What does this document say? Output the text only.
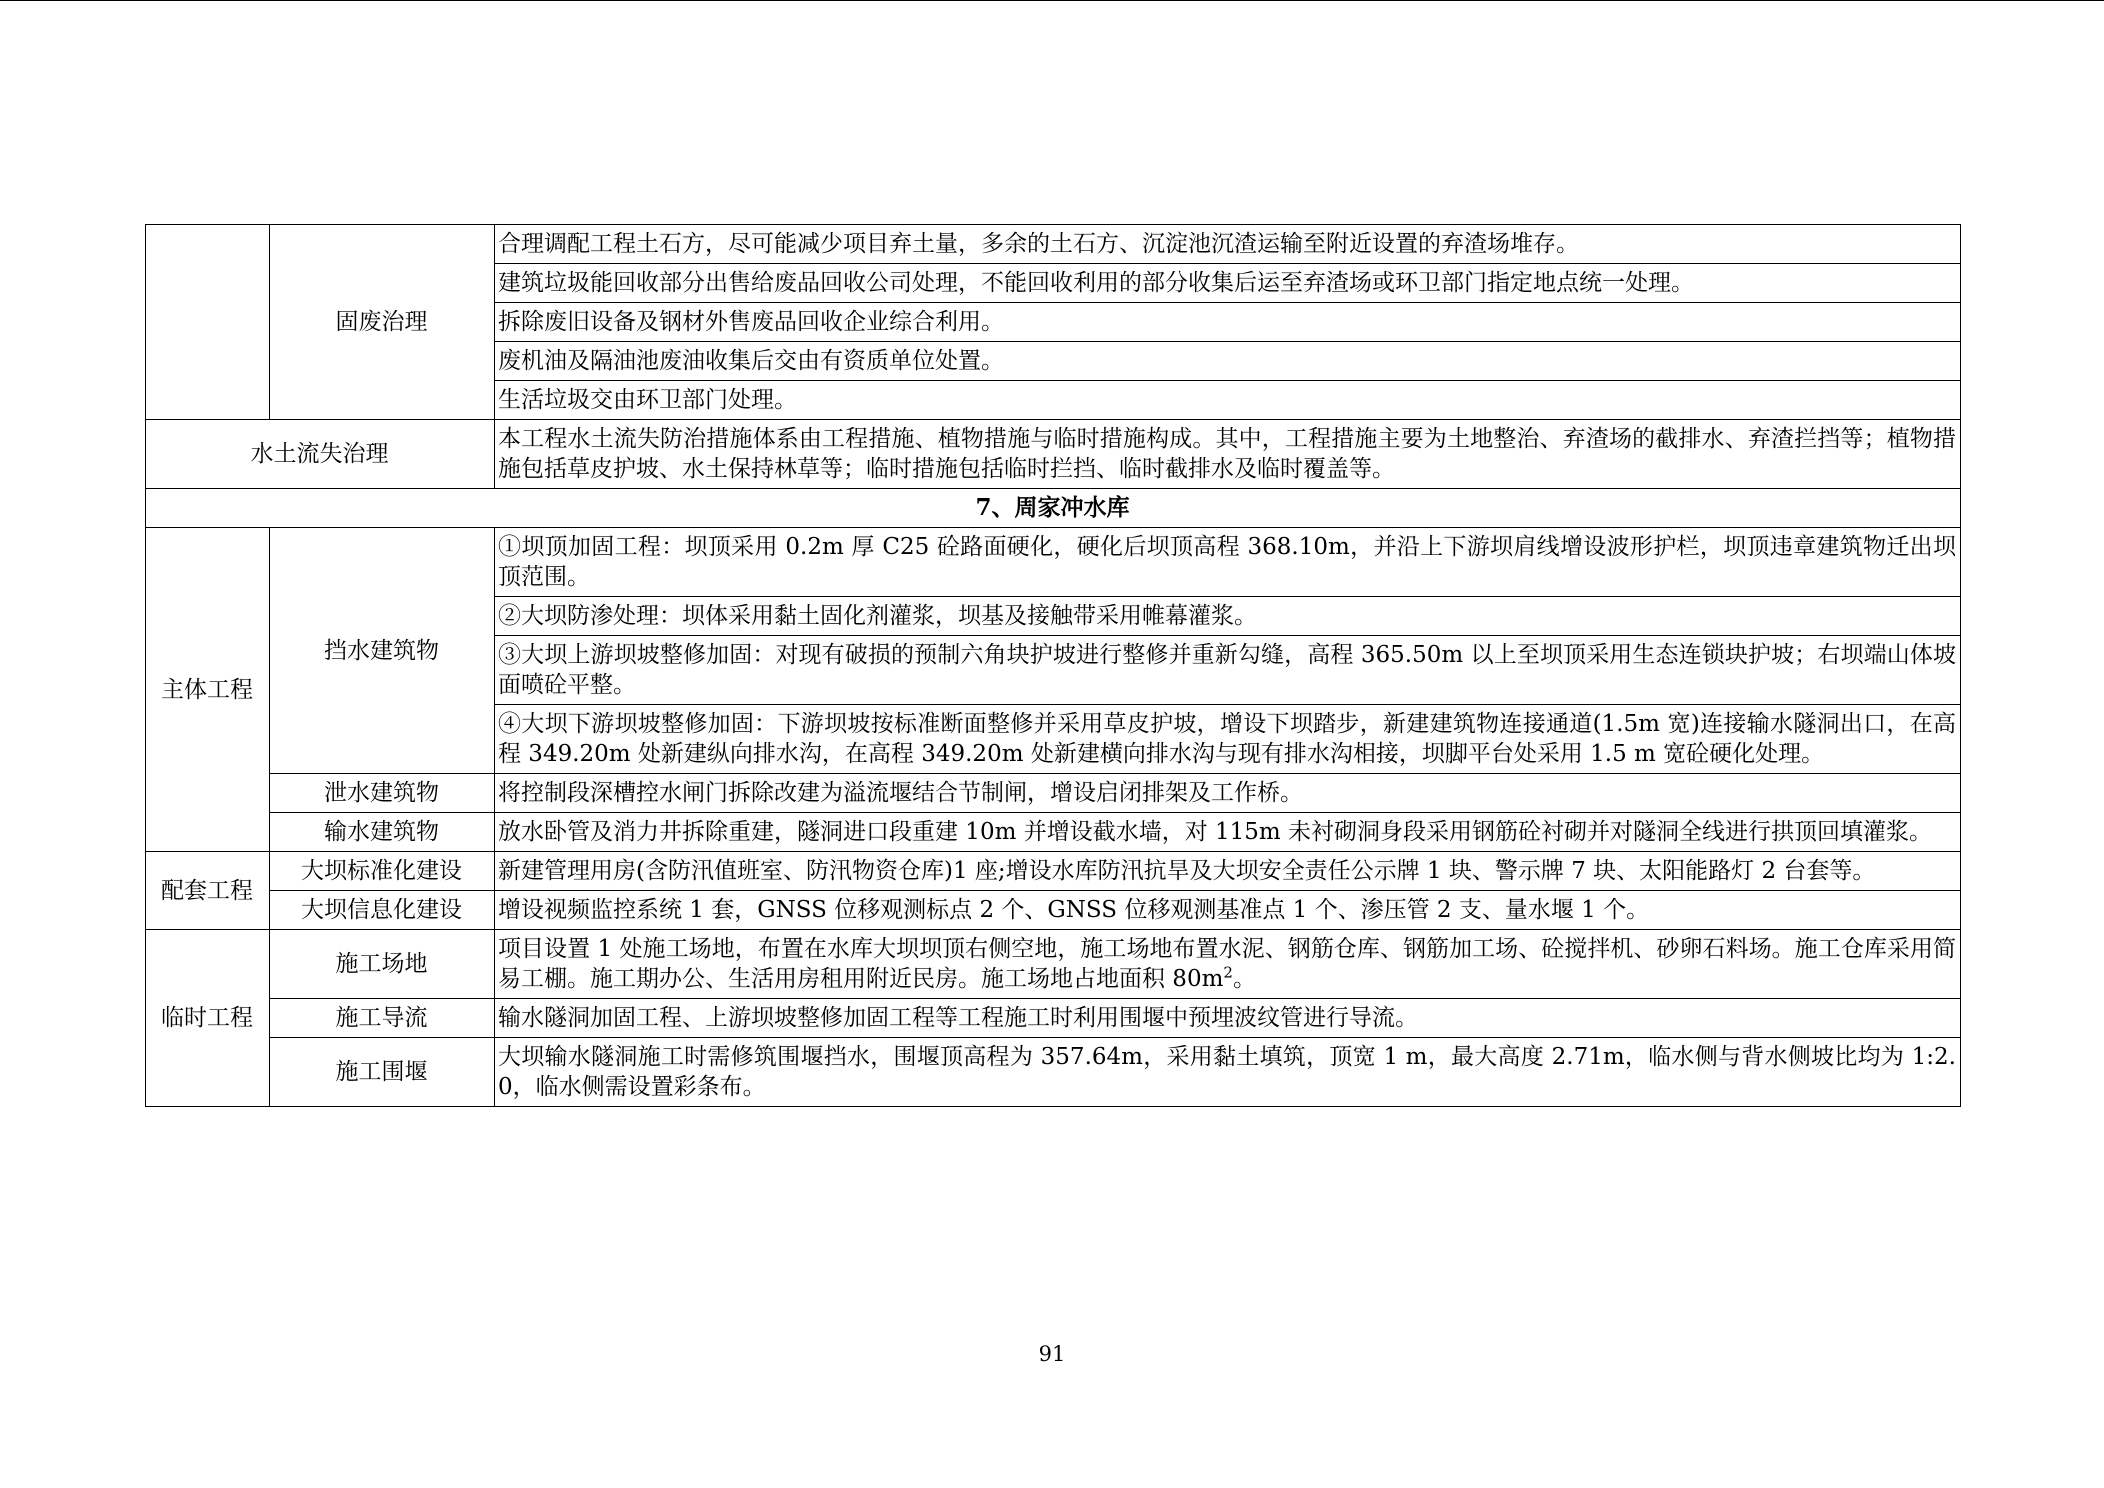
	固废治理	合理调配工程土石方，尽可能减少项目弃土量，多余的土石方、沉淀池沉渣运输至附近设置的弃渣场堆存。
		建筑垃圾能回收部分出售给废品回收公司处理，不能回收利用的部分收集后运至弃渣场或环卫部门指定地点统一处理。
		拆除废旧设备及钢材外售废品回收企业综合利用。
		废机油及隔油池废油收集后交由有资质单位处置。
		生活垃圾交由环卫部门处理。
水土流失治理		本工程水土流失防治措施体系由工程措施、植物措施与临时措施构成。其中，工程措施主要为土地整治、弃渣场的截排水、弃渣拦挡等；植物措施包括草皮护坡、水土保持林草等；临时措施包括临时拦挡、临时截排水及临时覆盖等。
7、周家冲水库		
主体工程	挡水建筑物	①坝顶加固工程：坝顶采用 0.2m 厚 C25 砼路面硬化，硬化后坝顶高程 368.10m，并沿上下游坝肩线增设波形护栏，坝顶违章建筑物迁出坝顶范围。
		②大坝防渗处理：坝体采用黏土固化剂灌浆，坝基及接触带采用帷幕灌浆。
		③大坝上游坝坡整修加固：对现有破损的预制六角块护坡进行整修并重新勾缝，高程 365.50m 以上至坝顶采用生态连锁块护坡；右坝端山体坡面喷砼平整。
		④大坝下游坝坡整修加固：下游坝坡按标准断面整修并采用草皮护坡，增设下坝踏步，新建建筑物连接通道(1.5m 宽)连接输水隧洞出口，在高程 349.20m 处新建纵向排水沟，在高程 349.20m 处新建横向排水沟与现有排水沟相接，坝脚平台处采用 1.5 m 宽砼硬化处理。
	泄水建筑物	将控制段深槽控水闸门拆除改建为溢流堰结合节制闸，增设启闭排架及工作桥。
	输水建筑物	放水卧管及消力井拆除重建，隧洞进口段重建 10m 并增设截水墙，对 115m 未衬砌洞身段采用钢筋砼衬砌并对隧洞全线进行拱顶回填灌浆。
配套工程	大坝标准化建设	新建管理用房(含防汛值班室、防汛物资仓库)1 座;增设水库防汛抗旱及大坝安全责任公示牌 1 块、警示牌 7 块、太阳能路灯 2 台套等。
	大坝信息化建设	增设视频监控系统 1 套，GNSS 位移观测标点 2 个、GNSS 位移观测基准点 1 个、渗压管 2 支、量水堰 1 个。
临时工程	施工场地	项目设置 1 处施工场地，布置在水库大坝坝顶右侧空地，施工场地布置水泥、钢筋仓库、钢筋加工场、砼搅拌机、砂卵石料场。施工仓库采用简易工棚。施工期办公、生活用房租用附近民房。施工场地占地面积 $80m^2$。
	施工导流	输水隧洞加固工程、上游坝坡整修加固工程等工程施工时利用围堰中预埋波纹管进行导流。
	施工围堰	大坝输水隧洞施工时需修筑围堰挡水，围堰顶高程为 357.64m，采用黏土填筑，顶宽 1 m，最大高度 2.71m，临水侧与背水侧坡比均为 1:2.0，临水侧需设置彩条布。
91
